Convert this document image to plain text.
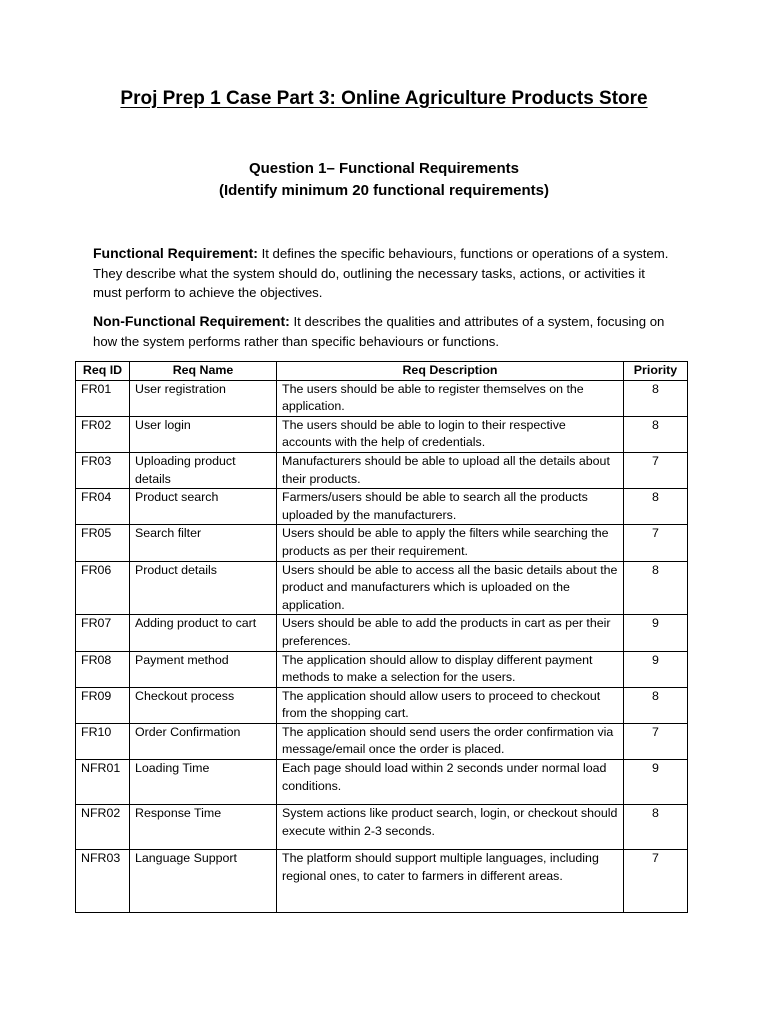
Proj Prep 1 Case Part 3: Online Agriculture Products Store
Question 1– Functional Requirements
(Identify minimum 20 functional requirements)
Functional Requirement: It defines the specific behaviours, functions or operations of a system. They describe what the system should do, outlining the necessary tasks, actions, or activities it must perform to achieve the objectives.
Non-Functional Requirement: It describes the qualities and attributes of a system, focusing on how the system performs rather than specific behaviours or functions.
Req ID	Req Name	Req Description	Priority
FR01	User registration	The users should be able to register themselves on the application.	8
FR02	User login	The users should be able to login to their respective accounts with the help of credentials.	8
FR03	Uploading product details	Manufacturers should be able to upload all the details about their products.	7
FR04	Product search	Farmers/users should be able to search all the products uploaded by the manufacturers.	8
FR05	Search filter	Users should be able to apply the filters while searching the products as per their requirement.	7
FR06	Product details	Users should be able to access all the basic details about the product and manufacturers which is uploaded on the application.	8
FR07	Adding product to cart	Users should be able to add the products in cart as per their preferences.	9
FR08	Payment method	The application should allow to display different payment methods to make a selection for the users.	9
FR09	Checkout process	The application should allow users to proceed to checkout from the shopping cart.	8
FR10	Order Confirmation	The application should send users the order confirmation via message/email once the order is placed.	7
NFR01	Loading Time	Each page should load within 2 seconds under normal load conditions.	9
NFR02	Response Time	System actions like product search, login, or checkout should execute within 2-3 seconds.	8
NFR03	Language Support	The platform should support multiple languages, including regional ones, to cater to farmers in different areas.	7
